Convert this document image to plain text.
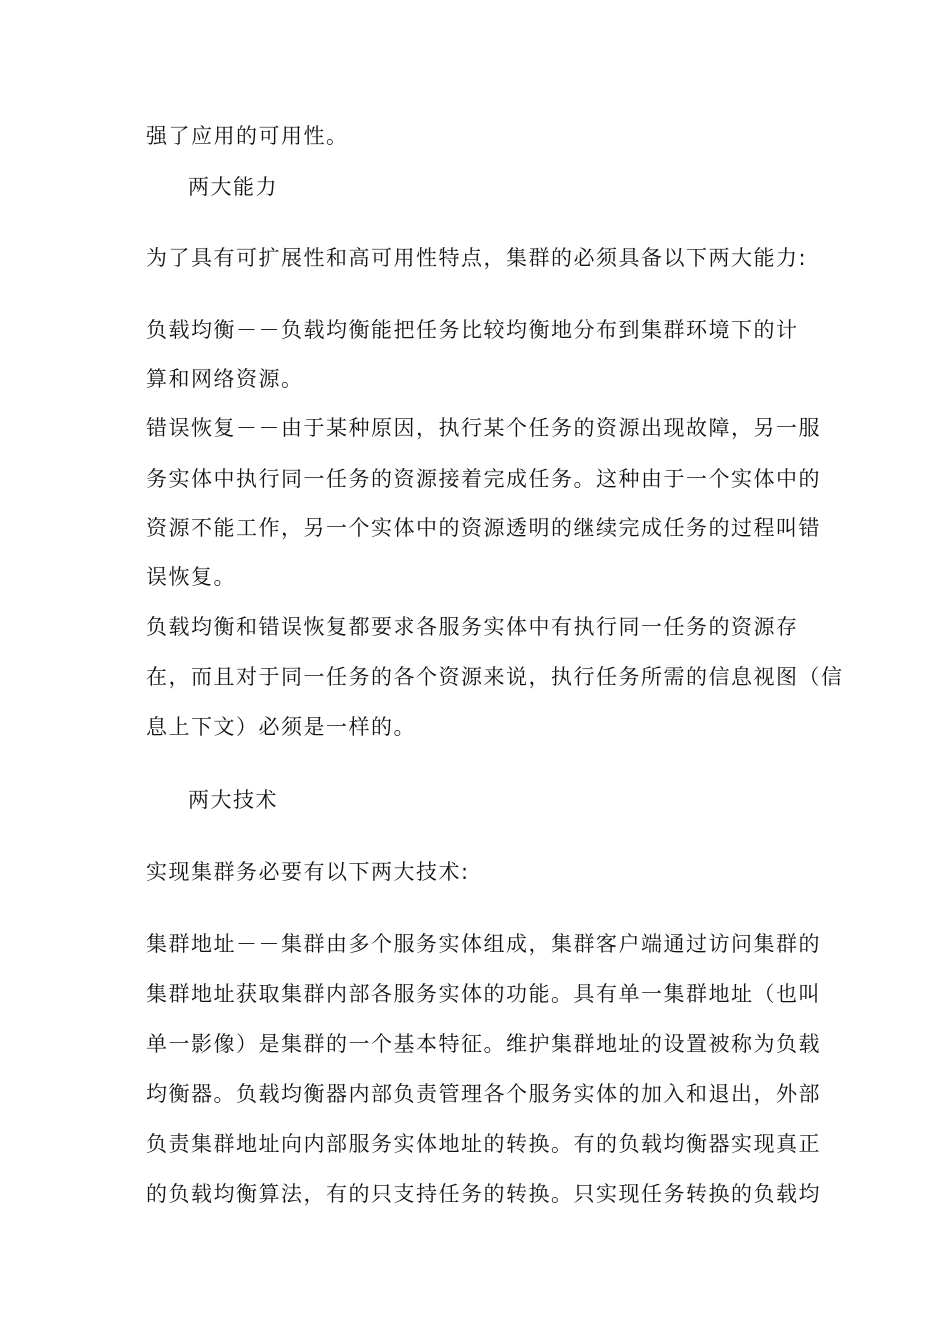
强了应用的可用性。
两大能力
为了具有可扩展性和高可用性特点，集群的必须具备以下两大能力:
负载均衡－－负载均衡能把任务比较均衡地分布到集群环境下的计
算和网络资源。
错误恢复－－由于某种原因，执行某个任务的资源出现故障，另一服
务实体中执行同一任务的资源接着完成任务。这种由于一个实体中的
资源不能工作，另一个实体中的资源透明的继续完成任务的过程叫错
误恢复。
负载均衡和错误恢复都要求各服务实体中有执行同一任务的资源存
在，而且对于同一任务的各个资源来说，执行任务所需的信息视图（信
息上下文）必须是一样的。
两大技术
实现集群务必要有以下两大技术:
集群地址－－集群由多个服务实体组成，集群客户端通过访问集群的
集群地址获取集群内部各服务实体的功能。具有单一集群地址（也叫
单一影像）是集群的一个基本特征。维护集群地址的设置被称为负载
均衡器。负载均衡器内部负责管理各个服务实体的加入和退出，外部
负责集群地址向内部服务实体地址的转换。有的负载均衡器实现真正
的负载均衡算法，有的只支持任务的转换。只实现任务转换的负载均
